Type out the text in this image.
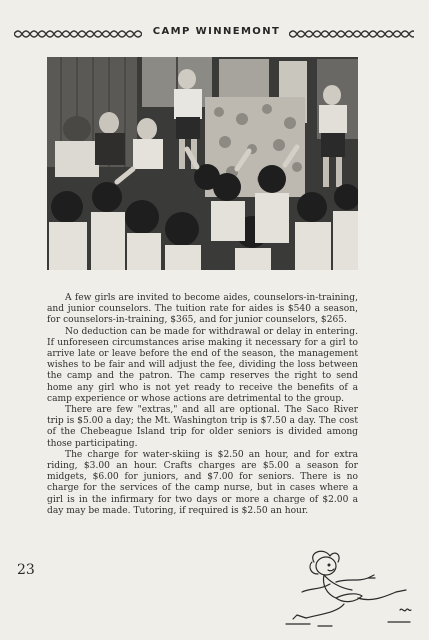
CAMP WINNEMONT

A few girls are invited to become aides, counselors-in-training, and junior counselors. The tuition rate for aides is $540 a season, for counselors-in-training, $365, and for junior counselors, $265.

No deduction can be made for withdrawal or delay in entering. If unforeseen circumstances arise making it necessary for a girl to arrive late or leave before the end of the season, the management wishes to be fair and will adjust the fee, dividing the loss between the camp and the patron. The camp reserves the right to send home any girl who is not yet ready to receive the benefits of a camp experience or whose actions are detrimental to the group.

There are few "extras," and all are optional. The Saco River trip is $5.00 a day; the Mt. Washington trip is $7.50 a day. The cost of the Chebeague Island trip for older seniors is divided among those participating.

The charge for water-skiing is $2.50 an hour, and for extra riding, $3.00 an hour. Crafts charges are $5.00 a season for midgets, $6.00 for juniors, and $7.00 for seniors. There is no charge for the services of the camp nurse, but in cases where a girl is in the infirmary for two days or more a charge of $2.00 a day may be made. Tutoring, if required is $2.50 an hour.

23
